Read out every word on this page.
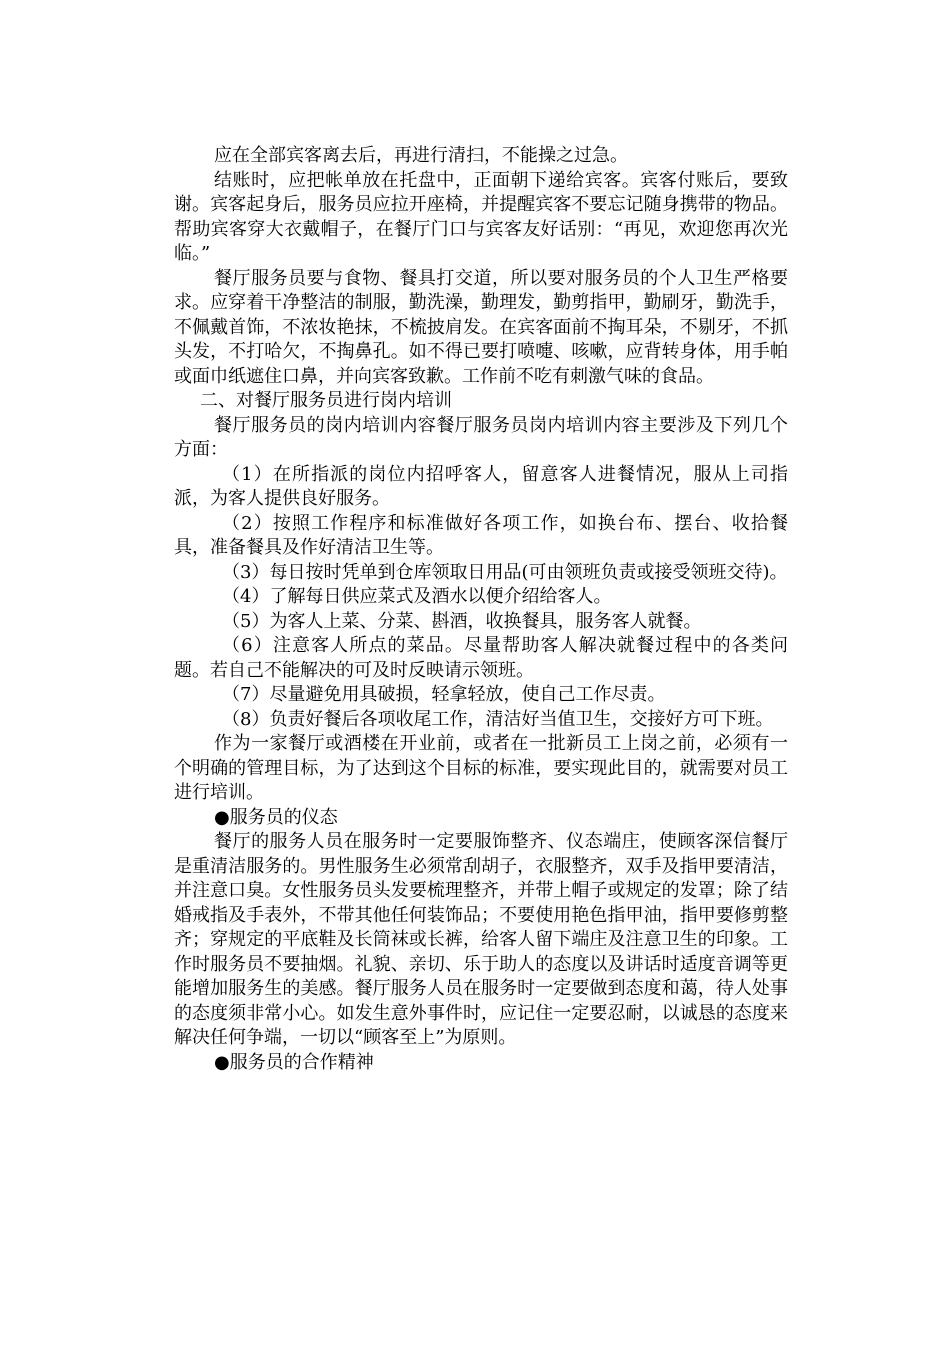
应在全部宾客离去后，再进行清扫，不能操之过急。

结账时，应把帐单放在托盘中，正面朝下递给宾客。宾客付账后，要致谢。宾客起身后，服务员应拉开座椅，并提醒宾客不要忘记随身携带的物品。帮助宾客穿大衣戴帽子，在餐厅门口与宾客友好话别：“再见，欢迎您再次光临。”

餐厅服务员要与食物、餐具打交道，所以要对服务员的个人卫生严格要求。应穿着干净整洁的制服，勤洗澡，勤理发，勤剪指甲，勤刷牙，勤洗手，不佩戴首饰，不浓妆艳抹，不梳披肩发。在宾客面前不掏耳朵，不剔牙，不抓头发，不打哈欠，不掏鼻孔。如不得已要打喷嚏、咳嗽，应背转身体，用手帕或面巾纸遮住口鼻，并向宾客致歉。工作前不吃有刺激气味的食品。

二、对餐厅服务员进行岗内培训

餐厅服务员的岗内培训内容餐厅服务员岗内培训内容主要涉及下列几个方面：

（1）在所指派的岗位内招呼客人，留意客人进餐情况，服从上司指派，为客人提供良好服务。

（2）按照工作程序和标准做好各项工作，如换台布、摆台、收拾餐具，准备餐具及作好清洁卫生等。

（3）每日按时凭单到仓库领取日用品(可由领班负责或接受领班交待)。

（4）了解每日供应菜式及酒水以便介绍给客人。

（5）为客人上菜、分菜、斟酒，收换餐具，服务客人就餐。

（6）注意客人所点的菜品。尽量帮助客人解决就餐过程中的各类问题。若自己不能解决的可及时反映请示领班。

（7）尽量避免用具破损，轻拿轻放，使自己工作尽责。

（8）负责好餐后各项收尾工作，清洁好当值卫生，交接好方可下班。

作为一家餐厅或酒楼在开业前，或者在一批新员工上岗之前，必须有一个明确的管理目标，为了达到这个目标的标准，要实现此目的，就需要对员工进行培训。

●服务员的仪态

餐厅的服务人员在服务时一定要服饰整齐、仪态端庄，使顾客深信餐厅是重清洁服务的。男性服务生必须常刮胡子，衣服整齐，双手及指甲要清洁，并注意口臭。女性服务员头发要梳理整齐，并带上帽子或规定的发罩；除了结婚戒指及手表外，不带其他任何装饰品；不要使用艳色指甲油，指甲要修剪整齐；穿规定的平底鞋及长筒袜或长裤，给客人留下端庄及注意卫生的印象。工作时服务员不要抽烟。礼貌、亲切、乐于助人的态度以及讲话时适度音调等更能增加服务生的美感。餐厅服务人员在服务时一定要做到态度和蔼，待人处事的态度须非常小心。如发生意外事件时，应记住一定要忍耐，以诚恳的态度来解决任何争端，一切以“顾客至上”为原则。

●服务员的合作精神
